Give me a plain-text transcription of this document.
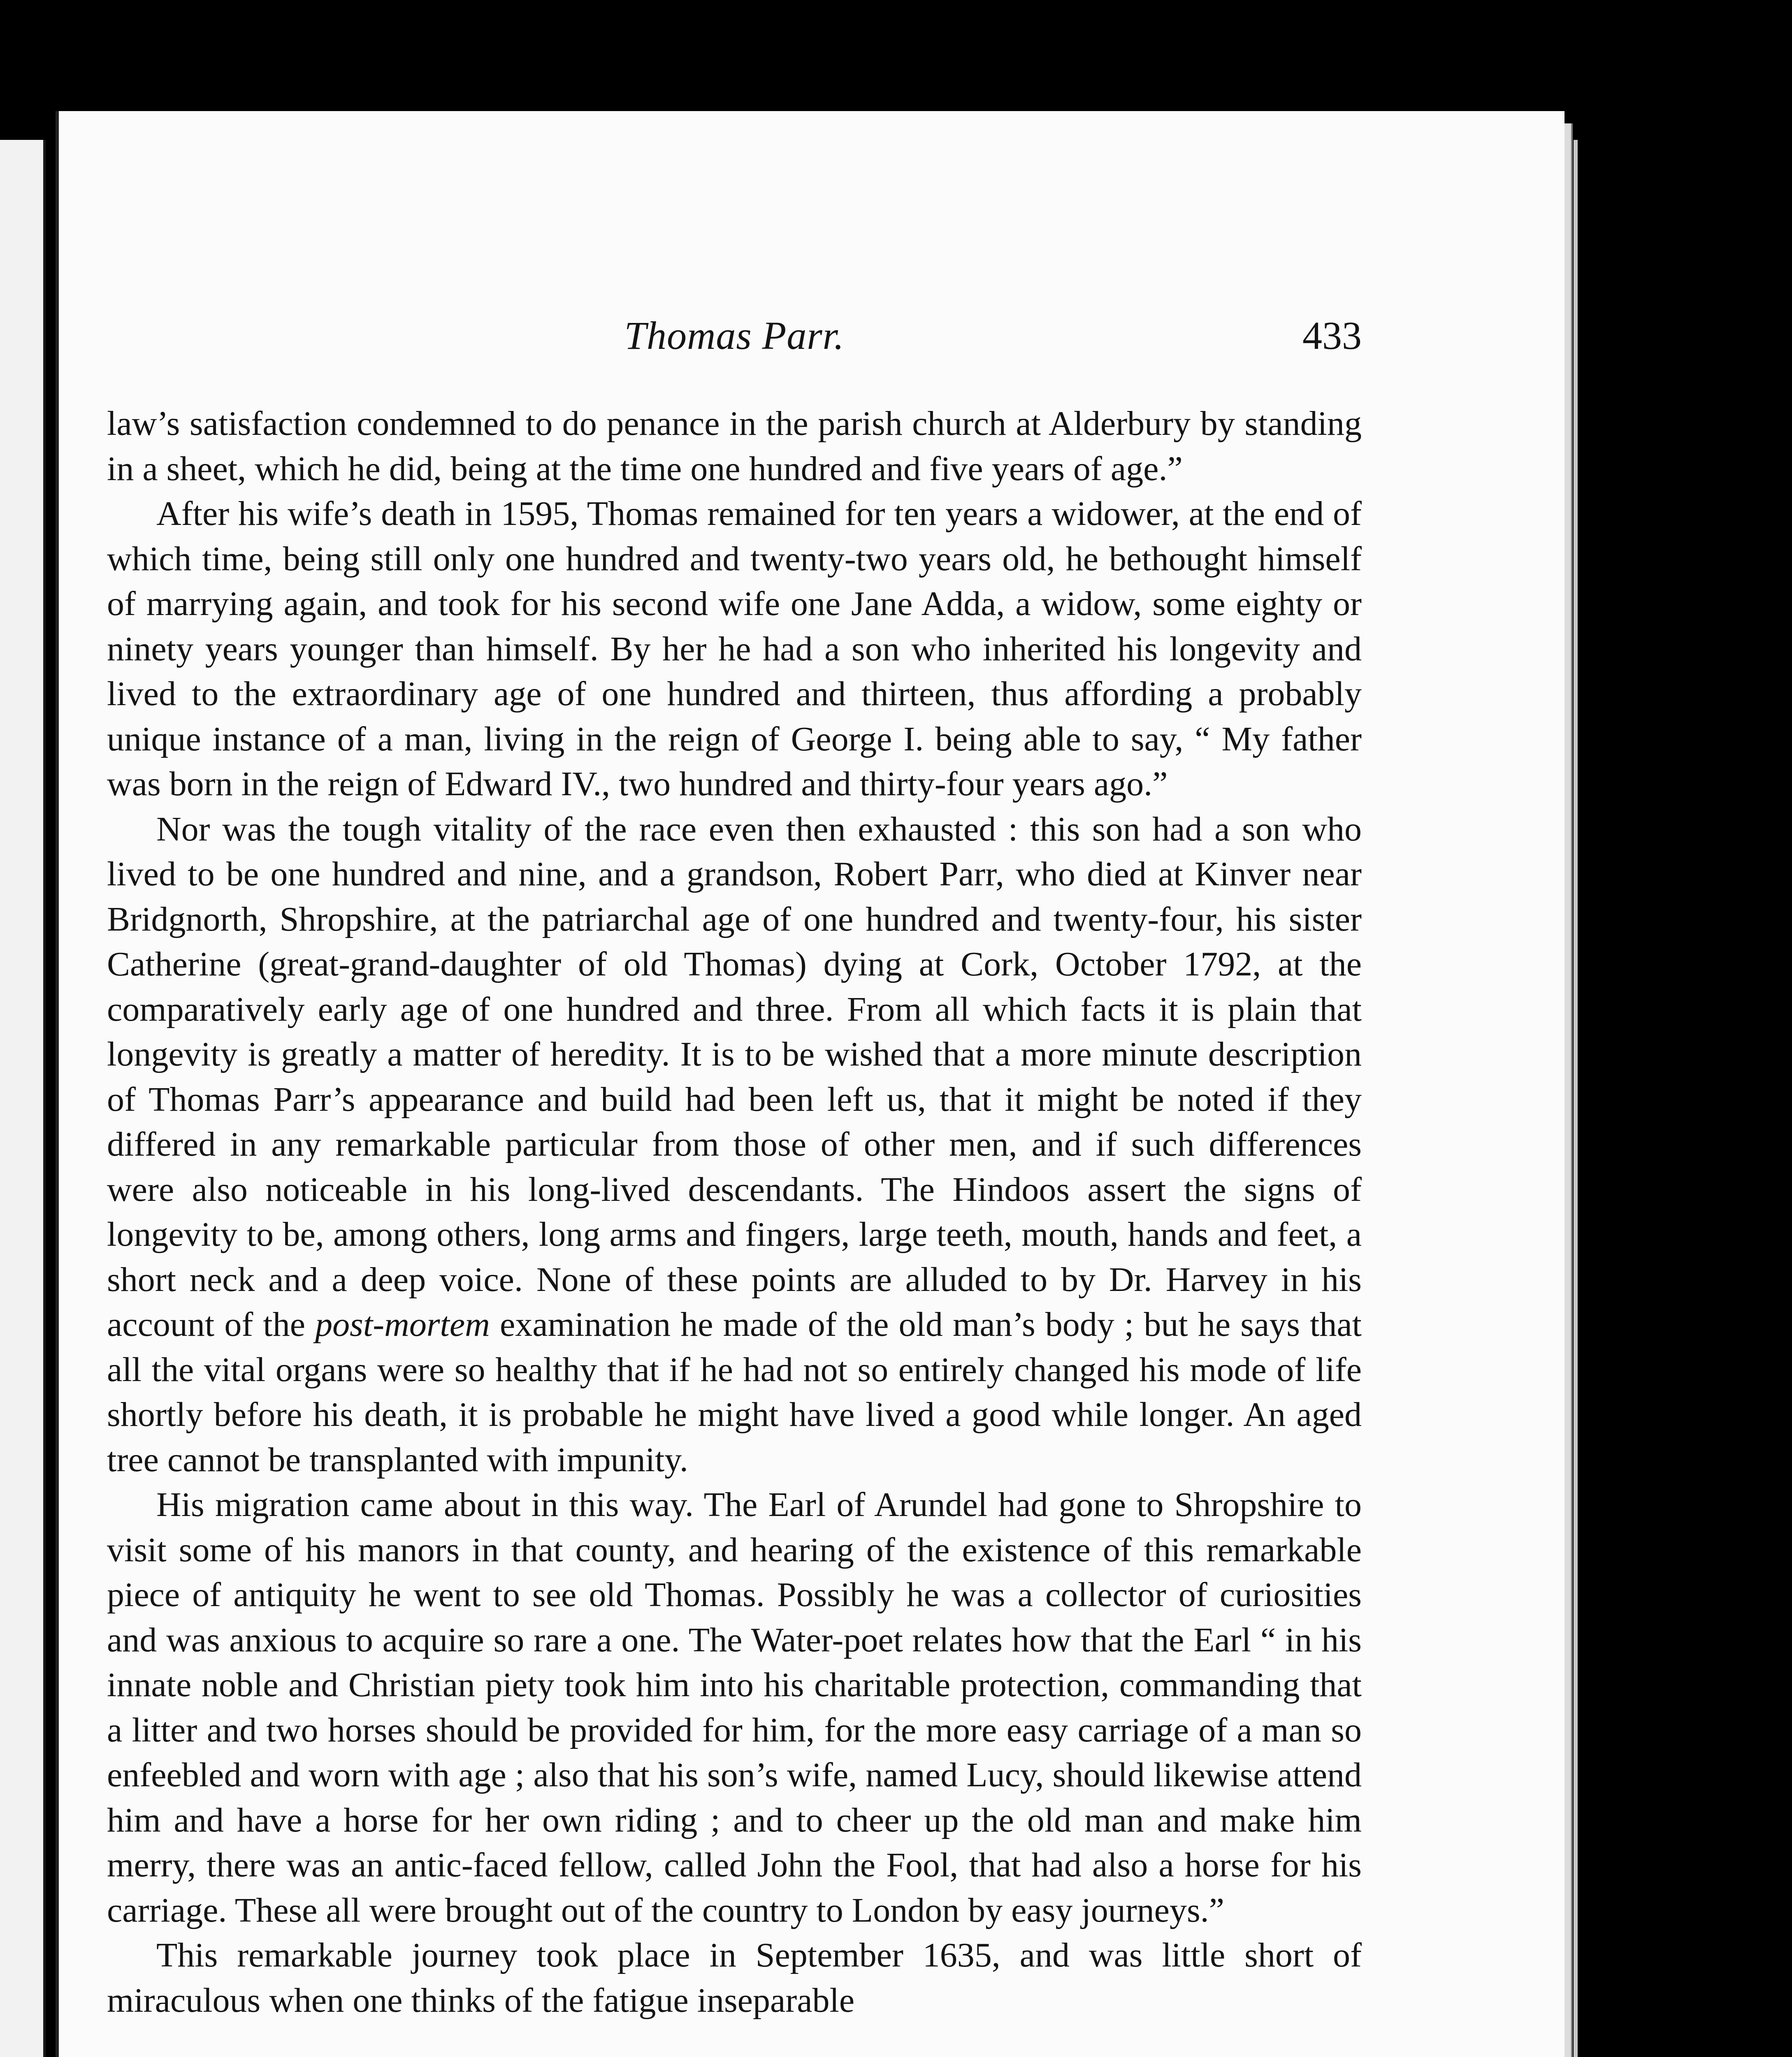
Thomas Parr.	433

law’s satisfaction condemned to do penance in the parish church at Alderbury by standing in a sheet, which he did, being at the time one hundred and five years of age.”

After his wife’s death in 1595, Thomas remained for ten years a widower, at the end of which time, being still only one hundred and twenty-two years old, he bethought himself of marrying again, and took for his second wife one Jane Adda, a widow, some eighty or ninety years younger than himself. By her he had a son who inherited his longevity and lived to the extraordinary age of one hundred and thirteen, thus affording a probably unique instance of a man, living in the reign of George I. being able to say, “ My father was born in the reign of Edward IV., two hundred and thirty-four years ago.”

Nor was the tough vitality of the race even then exhausted : this son had a son who lived to be one hundred and nine, and a grandson, Robert Parr, who died at Kinver near Bridgnorth, Shropshire, at the patriarchal age of one hundred and twenty-four, his sister Catherine (great-grand-daughter of old Thomas) dying at Cork, October 1792, at the comparatively early age of one hundred and three. From all which facts it is plain that longevity is greatly a matter of heredity. It is to be wished that a more minute description of Thomas Parr’s appearance and build had been left us, that it might be noted if they differed in any remarkable particular from those of other men, and if such differences were also noticeable in his long-lived descendants. The Hindoos assert the signs of longevity to be, among others, long arms and fingers, large teeth, mouth, hands and feet, a short neck and a deep voice. None of these points are alluded to by Dr. Harvey in his account of the post-mortem examination he made of the old man’s body ; but he says that all the vital organs were so healthy that if he had not so entirely changed his mode of life shortly before his death, it is probable he might have lived a good while longer. An aged tree cannot be transplanted with impunity.

His migration came about in this way. The Earl of Arundel had gone to Shropshire to visit some of his manors in that county, and hearing of the existence of this remarkable piece of antiquity he went to see old Thomas. Possibly he was a collector of curiosities and was anxious to acquire so rare a one. The Water-poet relates how that the Earl “ in his innate noble and Christian piety took him into his charitable protection, commanding that a litter and two horses should be provided for him, for the more easy carriage of a man so enfeebled and worn with age ; also that his son’s wife, named Lucy, should likewise attend him and have a horse for her own riding ; and to cheer up the old man and make him merry, there was an antic-faced fellow, called John the Fool, that had also a horse for his carriage. These all were brought out of the country to London by easy journeys.”

This remarkable journey took place in September 1635, and was little short of miraculous when one thinks of the fatigue inseparable
